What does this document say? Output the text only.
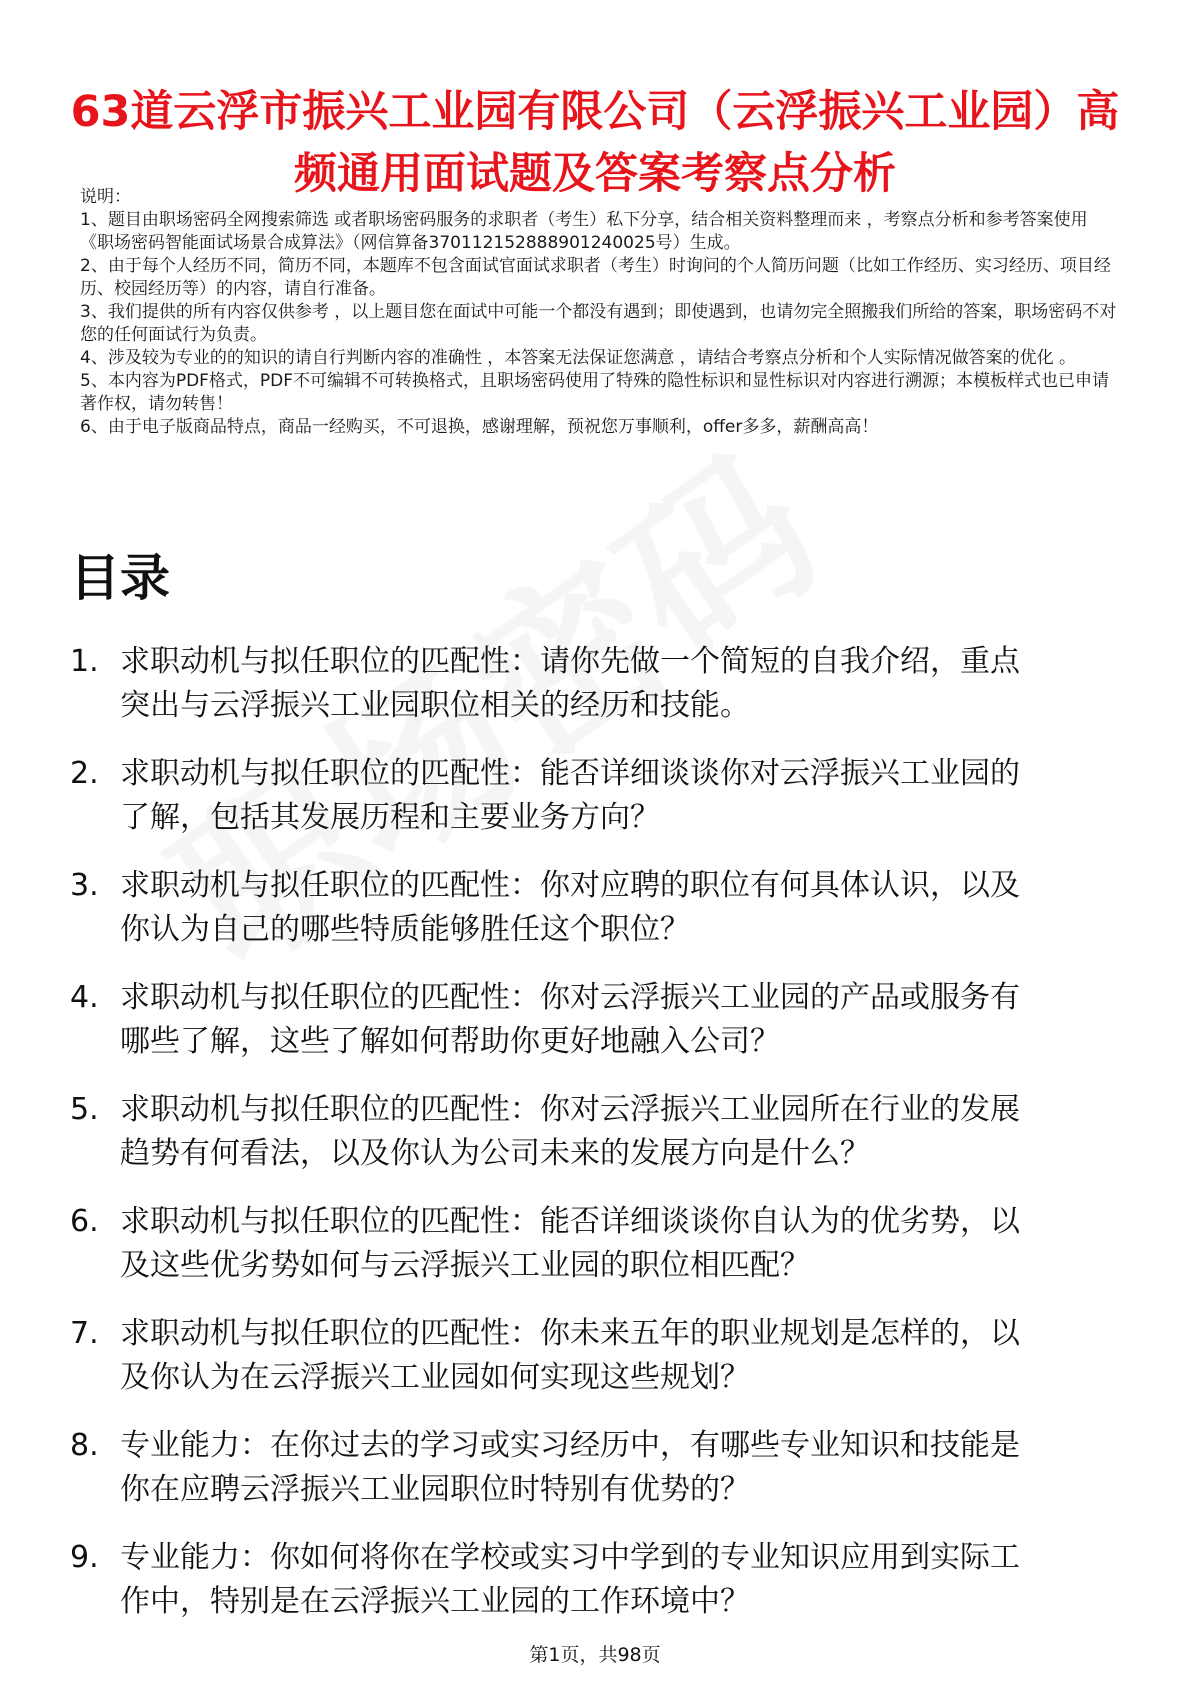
63道云浮市振兴工业园有限公司（云浮振兴工业园）高频通用面试题及答案考察点分析

说明：

1、题目由职场密码全网搜索筛选 或者职场密码服务的求职者（考生）私下分享，结合相关资料整理而来 ，考察点分析和参考答案使用《职场密码智能面试场景合成算法》（网信算备370112152888901240025号）生成。

2、由于每个人经历不同，简历不同，本题库不包含面试官面试求职者（考生）时询问的个人简历问题（比如工作经历、实习经历、项目经历、校园经历等）的内容，请自行准备。

3、我们提供的所有内容仅供参考 ，以上题目您在面试中可能一个都没有遇到；即使遇到，也请勿完全照搬我们所给的答案，职场密码不对您的任何面试行为负责。

4、涉及较为专业的的知识的请自行判断内容的准确性 ，本答案无法保证您满意 ，请结合考察点分析和个人实际情况做答案的优化 。

5、本内容为PDF格式，PDF不可编辑不可转换格式，且职场密码使用了特殊的隐性标识和显性标识对内容进行溯源；本模板样式也已申请著作权，请勿转售！

6、由于电子版商品特点，商品一经购买，不可退换，感谢理解，预祝您万事顺利，offer多多，薪酬高高！

目录
1. 求职动机与拟任职位的匹配性：请你先做一个简短的自我介绍，重点突出与云浮振兴工业园职位相关的经历和技能。
2. 求职动机与拟任职位的匹配性：能否详细谈谈你对云浮振兴工业园的了解，包括其发展历程和主要业务方向？
3. 求职动机与拟任职位的匹配性：你对应聘的职位有何具体认识，以及你认为自己的哪些特质能够胜任这个职位？
4. 求职动机与拟任职位的匹配性：你对云浮振兴工业园的产品或服务有哪些了解，这些了解如何帮助你更好地融入公司？
5. 求职动机与拟任职位的匹配性：你对云浮振兴工业园所在行业的发展趋势有何看法，以及你认为公司未来的发展方向是什么？
6. 求职动机与拟任职位的匹配性：能否详细谈谈你自认为的优劣势，以及这些优劣势如何与云浮振兴工业园的职位相匹配？
7. 求职动机与拟任职位的匹配性：你未来五年的职业规划是怎样的，以及你认为在云浮振兴工业园如何实现这些规划？
8. 专业能力：在你过去的学习或实习经历中，有哪些专业知识和技能是你在应聘云浮振兴工业园职位时特别有优势的？
9. 专业能力：你如何将你在学校或实习中学到的专业知识应用到实际工作中，特别是在云浮振兴工业园的工作环境中？
第1页，共98页
